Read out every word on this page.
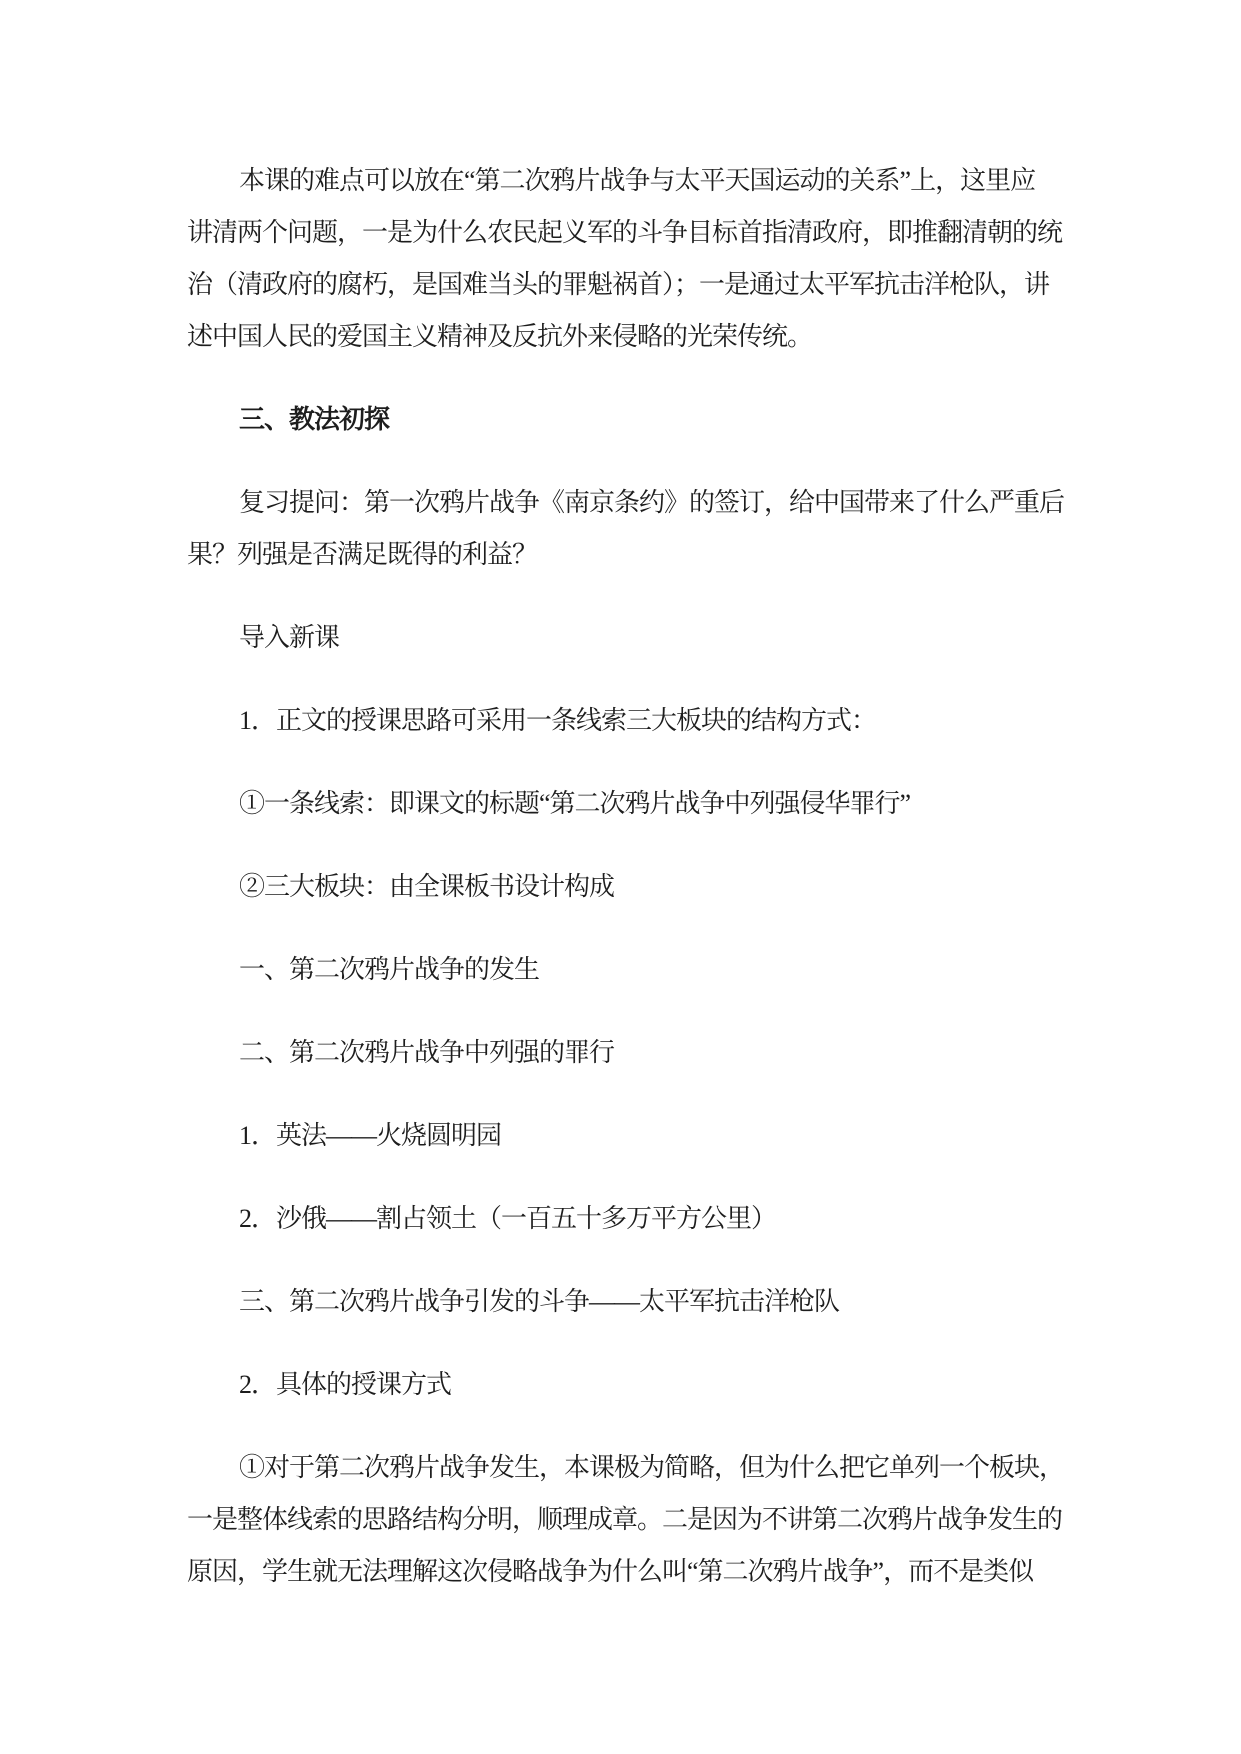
本课的难点可以放在“第二次鸦片战争与太平天国运动的关系”上，这里应
讲清两个问题，一是为什么农民起义军的斗争目标首指清政府，即推翻清朝的统
治（清政府的腐朽，是国难当头的罪魁祸首）；一是通过太平军抗击洋枪队，讲
述中国人民的爱国主义精神及反抗外来侵略的光荣传统。
三、教法初探
复习提问：第一次鸦片战争《南京条约》的签订，给中国带来了什么严重后
果？列强是否满足既得的利益？
导入新课
1．正文的授课思路可采用一条线索三大板块的结构方式：
①一条线索：即课文的标题“第二次鸦片战争中列强侵华罪行”
②三大板块：由全课板书设计构成
一、第二次鸦片战争的发生
二、第二次鸦片战争中列强的罪行
1．英法——火烧圆明园
2．沙俄——割占领土（一百五十多万平方公里）
三、第二次鸦片战争引发的斗争——太平军抗击洋枪队
2．具体的授课方式
①对于第二次鸦片战争发生，本课极为简略，但为什么把它单列一个板块，
一是整体线索的思路结构分明，顺理成章。二是因为不讲第二次鸦片战争发生的
原因，学生就无法理解这次侵略战争为什么叫“第二次鸦片战争”，而不是类似
